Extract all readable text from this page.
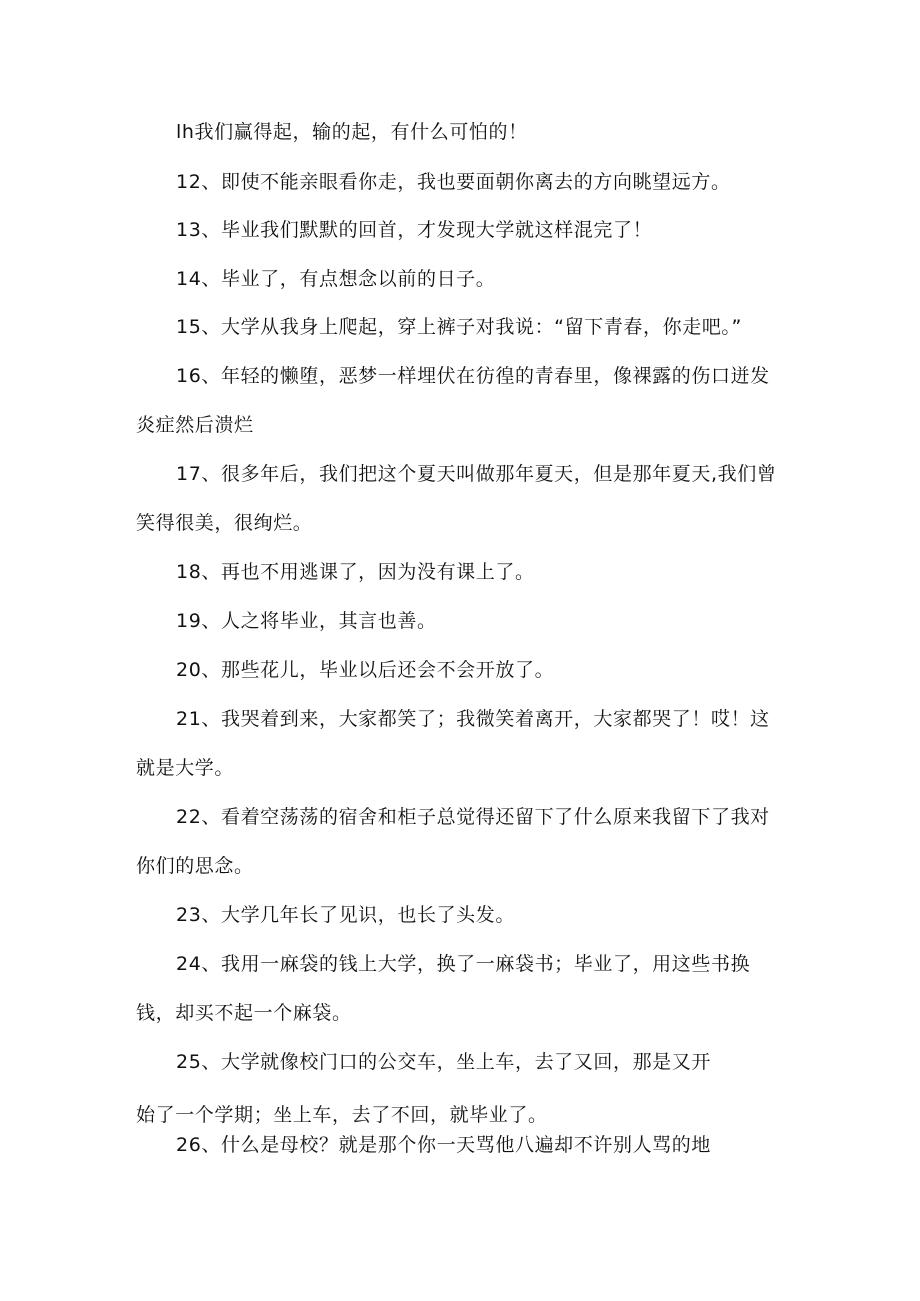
lh我们赢得起，输的起，有什么可怕的！
12、即使不能亲眼看你走，我也要面朝你离去的方向眺望远方。
13、毕业我们默默的回首，才发现大学就这样混完了！
14、毕业了，有点想念以前的日子。
15、大学从我身上爬起，穿上裤子对我说：“留下青春，你走吧。”
16、年轻的懒堕，恶梦一样埋伏在彷徨的青春里，像裸露的伤口迸发
炎症然后溃烂
17、很多年后，我们把这个夏天叫做那年夏天，但是那年夏天,我们曾
笑得很美，很绚烂。
18、再也不用逃课了，因为没有课上了。
19、人之将毕业，其言也善。
20、那些花儿，毕业以后还会不会开放了。
21、我哭着到来，大家都笑了；我微笑着离开，大家都哭了！哎！这
就是大学。
22、看着空荡荡的宿舍和柜子总觉得还留下了什么原来我留下了我对
你们的思念。
23、大学几年长了见识，也长了头发。
24、我用一麻袋的钱上大学，换了一麻袋书；毕业了，用这些书换
钱，却买不起一个麻袋。
25、大学就像校门口的公交车，坐上车，去了又回，那是又开
始了一个学期；坐上车，去了不回，就毕业了。
26、什么是母校？就是那个你一天骂他八遍却不许别人骂的地
